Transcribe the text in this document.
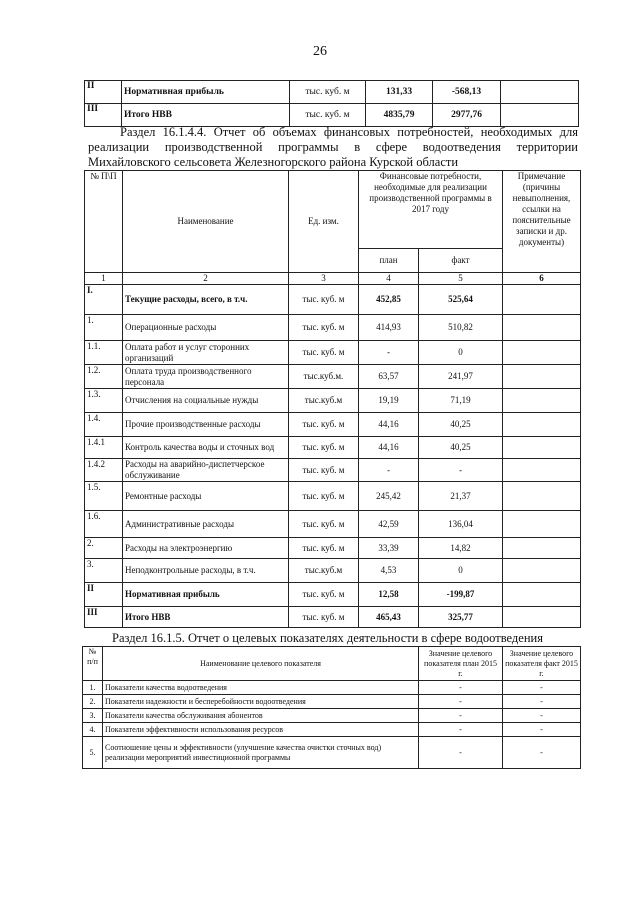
26
II	Нормативная прибыль	тыс. куб. м	131,33	-568,13	
III	Итого НВВ	тыс. куб. м	4835,79	2977,76	
Раздел 16.1.4.4. Отчет об объемах финансовых потребностей, необходимых для реализации производственной программы в сфере водоотведения территории Михайловского сельсовета Железногорского района Курской области
№ П\П	Наименование	Ед. изм.	Финансовые потребности, необходимые для реализации производственной программы в 2017 году		Примечание (причины невыполнения, ссылки на пояснительные записки и др. документы)
			план	факт	
1	2	3	4	5	6
I.	Текущие расходы, всего, в т.ч.	тыс. куб. м	452,85	525,64	
1.	Операционные расходы	тыс. куб. м	414,93	510,82	
1.1.	Оплата работ и услуг сторонних организаций	тыс. куб. м	-	0	
1.2.	Оплата труда производственного персонала	тыс.куб.м.	63,57	241,97	
1.3.	Отчисления на социальные нужды	тыс.куб.м	19,19	71,19	
1.4.	Прочие производственные расходы	тыс. куб. м	44,16	40,25	
1.4.1	Контроль качества воды и сточных вод	тыс. куб. м	44,16	40,25	
1.4.2	Расходы на аварийно-диспетчерское обслуживание	тыс. куб. м	-	-	
1.5.	Ремонтные расходы	тыс. куб. м	245,42	21,37	
1.6.	Административные расходы	тыс. куб. м	42,59	136,04	
2.	Расходы на электроэнергию	тыс. куб. м	33,39	14,82	
3.	Неподконтрольные расходы, в т.ч.	тыс.куб.м	4,53	0	
II	Нормативная прибыль	тыс. куб. м	12,58	-199,87	
III	Итого НВВ	тыс. куб. м	465,43	325,77	
Раздел 16.1.5. Отчет о целевых показателях деятельности в сфере водоотведения
№ п/п	Наименование целевого показателя	Значение целевого показателя план 2015 г.	Значение целевого показателя факт 2015 г.
1.	Показатели качества водоотведения	-	-
2.	Показатели надежности и бесперебойности водоотведения	-	-
3.	Показатели качества обслуживания абонентов	-	-
4.	Показатели эффективности использования ресурсов	-	-
5.	Соотношение цены и эффективности (улучшение качества очистки сточных вод) реализации мероприятий инвестиционной программы	-	-
